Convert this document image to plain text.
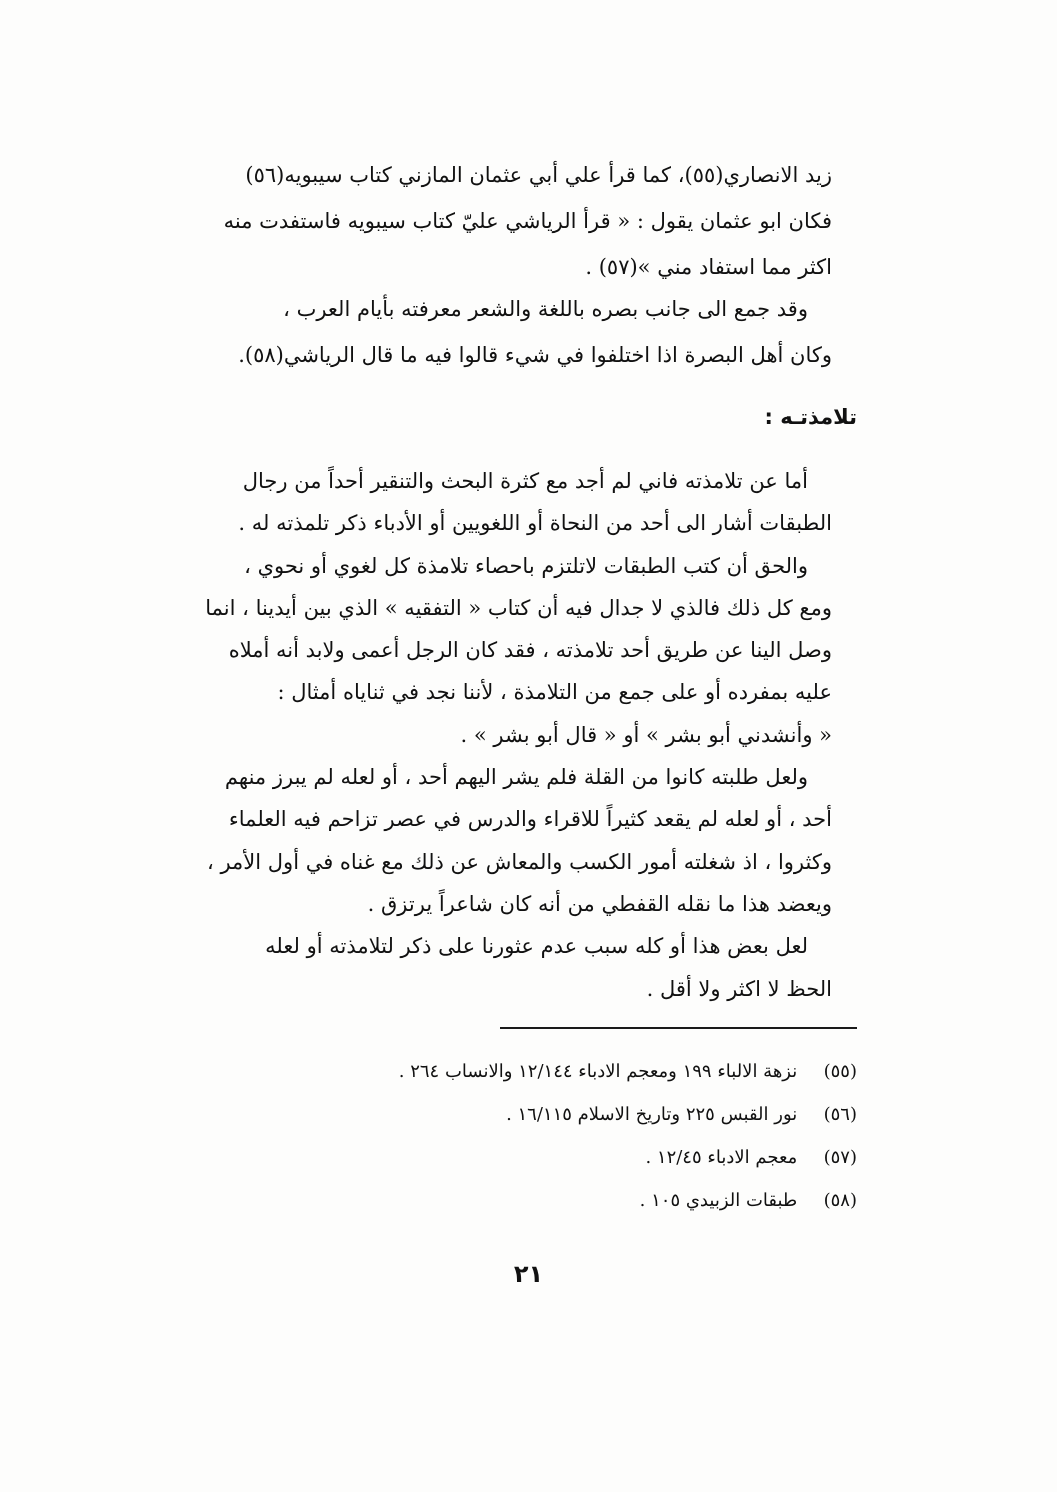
زيد الانصاري(٥٥)، كما قرأ علي أبي عثمان المازني كتاب سيبويه(٥٦)
فكان ابو عثمان يقول : « قرأ الرياشي عليّ كتاب سيبويه فاستفدت منه
اكثر مما استفاد مني »(٥٧) .
وقد جمع الى جانب بصره باللغة والشعر معرفته بأيام العرب ،
وكان أهل البصرة اذا اختلفوا في شيء قالوا فيه ما قال الرياشي(٥٨).
تلامذتـه :
أما عن تلامذته فاني لم أجد مع كثرة البحث والتنقير أحداً من رجال
الطبقات أشار الى أحد من النحاة أو اللغويين أو الأدباء ذكر تلمذته له .
والحق أن كتب الطبقات لاتلتزم باحصاء تلامذة كل لغوي أو نحوي ،
ومع كل ذلك فالذي لا جدال فيه أن كتاب « التفقيه » الذي بين أيدينا ، انما
وصل الينا عن طريق أحد تلامذته ، فقد كان الرجل أعمى ولابد أنه أملاه
عليه بمفرده أو على جمع من التلامذة ، لأننا نجد في ثناياه أمثال :
« وأنشدني أبو بشر » أو « قال أبو بشر » .
ولعل طلبته كانوا من القلة فلم يشر اليهم أحد ، أو لعله لم يبرز منهم
أحد ، أو لعله لم يقعد كثيراً للاقراء والدرس في عصر تزاحم فيه العلماء
وكثروا ، اذ شغلته أمور الكسب والمعاش عن ذلك مع غناه في أول الأمر ،
ويعضد هذا ما نقله القفطي من أنه كان شاعراً يرتزق .
لعل بعض هذا أو كله سبب عدم عثورنا على ذكر لتلامذته أو لعله
الحظ لا اكثر ولا أقل .
(٥٥) نزهة الالباء ١٩٩ ومعجم الادباء ١٢/١٤٤ والانساب ٢٦٤ .
(٥٦) نور القبس ٢٢٥ وتاريخ الاسلام ١٦/١١٥ .
(٥٧) معجم الادباء ١٢/٤٥ .
(٥٨) طبقات الزبيدي ١٠٥ .
٢١
